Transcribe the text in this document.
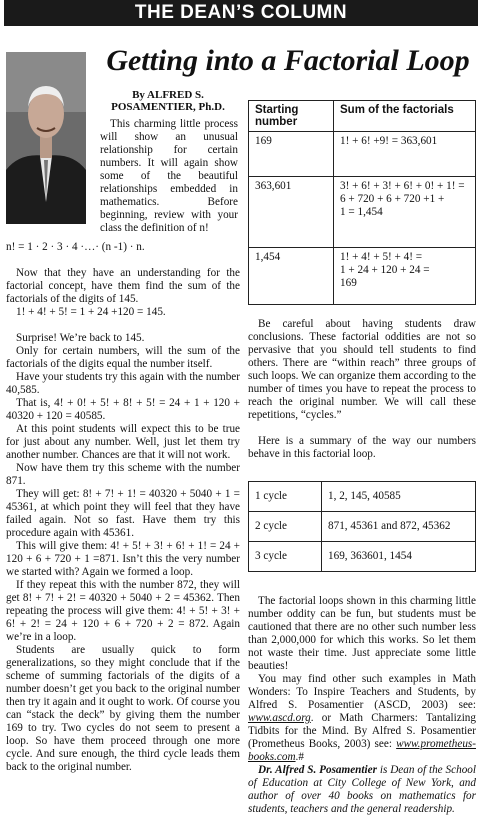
THE DEAN’S COLUMN
Getting into a Factorial Loop
By ALFRED S.
POSAMENTIER, Ph.D.

This charming little process will show an unusual relationship for certain numbers. It will again show some of the beautiful relationships embedded in mathematics. Before beginning, review with your class the definition of n!

n! = 1 · 2 · 3 · 4 ·…· (n -1) · n.

Now that they have an understanding for the factorial concept, have them find the sum of the factorials of the digits of 145.

1! + 4! + 5! = 1 + 24 +120 = 145.

Surprise! We’re back to 145.

Only for certain numbers, will the sum of the factorials of the digits equal the number itself.

Have your students try this again with the number 40,585.

That is, 4! + 0! + 5! + 8! + 5! = 24 + 1 + 120 + 40320 + 120 = 40585.

At this point students will expect this to be true for just about any number. Well, just let them try another number. Chances are that it will not work.

Now have them try this scheme with the number 871.

They will get: 8! + 7! + 1! = 40320 + 5040 + 1 = 45361, at which point they will feel that they have failed again. Not so fast. Have them try this procedure again with 45361.

This will give them: 4! + 5! + 3! + 6! + 1! = 24 + 120 + 6 + 720 + 1 =871. Isn’t this the very number we started with? Again we formed a loop.

If they repeat this with the number 872, they will get 8! + 7! + 2! = 40320 + 5040 + 2 = 45362. Then repeating the process will give them: 4! + 5! + 3! + 6! + 2! = 24 + 120 + 6 + 720 + 2 = 872. Again we’re in a loop.

Students are usually quick to form generalizations, so they might conclude that if the scheme of summing factorials of the digits of a number doesn’t get you back to the original number then try it again and it ought to work. Of course you can “stack the deck” by giving them the number 169 to try. Two cycles do not seem to present a loop. So have them proceed through one more cycle. And sure enough, the third cycle leads them back to the original number.

Starting number	Sum of the factorials
169	1! + 6! +9! = 363,601

363,601	3! + 6! + 3! + 6! + 0! + 1! =
6 + 720 + 6 + 720 +1 +
1 = 1,454

1,454	1! + 4! + 5! + 4! =
1 + 24 + 120 + 24 =
169

Be careful about having students draw conclusions. These factorial oddities are not so pervasive that you should tell students to find others. There are “within reach” three groups of such loops. We can organize them according to the number of times you have to repeat the process to reach the original number. We will call these repetitions, “cycles.”

Here is a summary of the way our numbers behave in this factorial loop.

The factorial loops shown in this charming little number oddity can be fun, but students must be cautioned that there are no other such number less than 2,000,000 for which this works. So let them not waste their time. Just appreciate some little beauties!

You may find other such examples in Math Wonders: To Inspire Teachers and Students, by Alfred S. Posamentier (ASCD, 2003) see: www.ascd.org. or Math Charmers: Tantalizing Tidbits for the Mind. By Alfred S. Posamentier (Prometheus Books, 2003) see: www.prometheus-books.com.#

Dr. Alfred S. Posamentier is Dean of the School of Education at City College of New York, and author of over 40 books on mathematics for students, teachers and the general readership.

1 cycle	1, 2, 145, 40585
2 cycle	871, 45361 and 872, 45362
3 cycle	169, 363601, 1454
